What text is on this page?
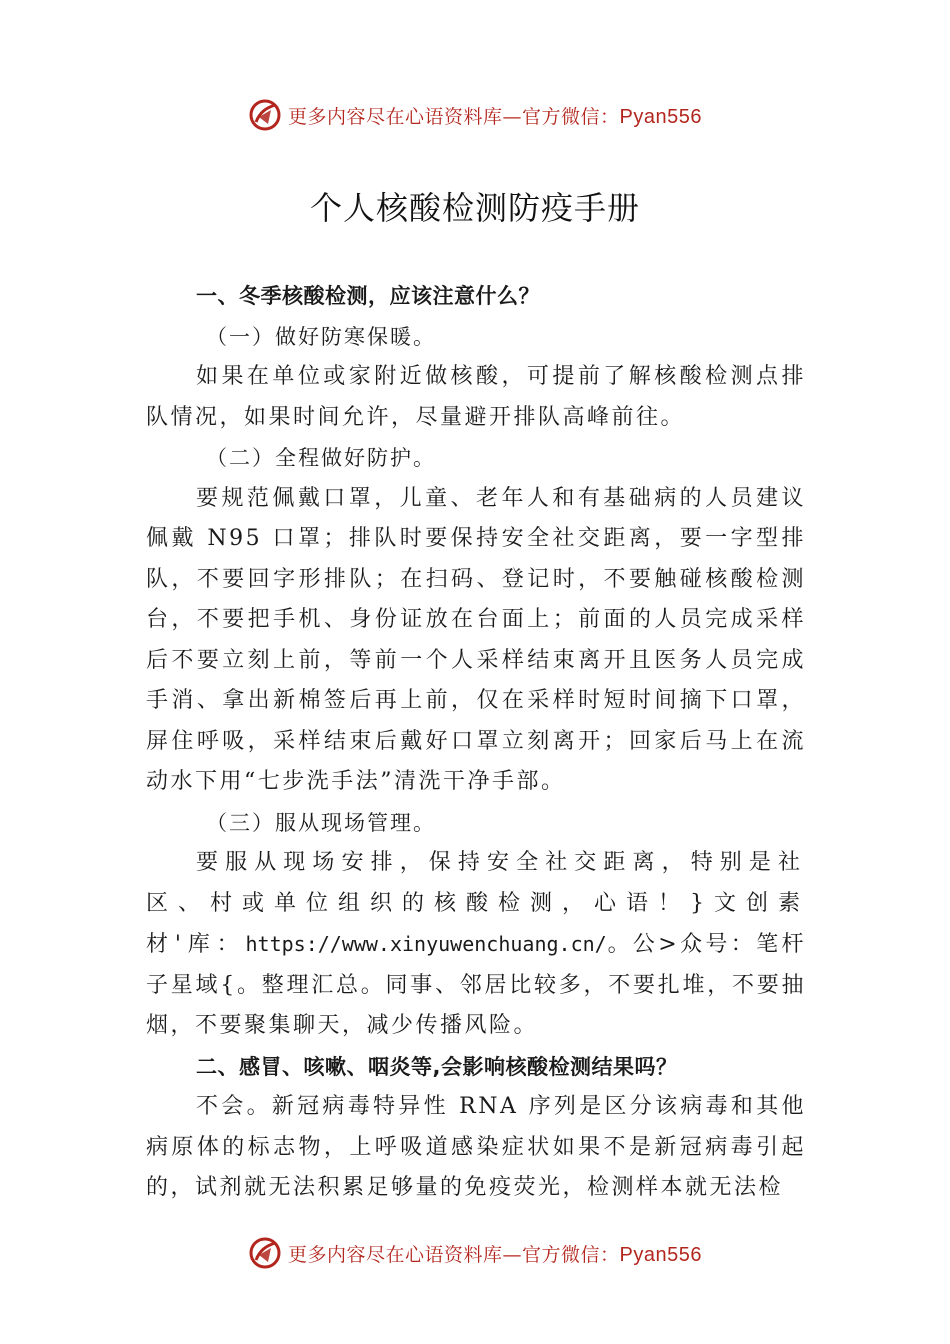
更多内容尽在心语资料库—官方微信：Pyan556
个人核酸检测防疫手册

一、冬季核酸检测，应该注意什么？

（一）做好防寒保暖。

如果在单位或家附近做核酸，可提前了解核酸检测点排队情况，如果时间允许，尽量避开排队高峰前往。

（二）全程做好防护。

要规范佩戴口罩，儿童、老年人和有基础病的人员建议佩戴 N95 口罩；排队时要保持安全社交距离，要一字型排队，不要回字形排队；在扫码、登记时，不要触碰核酸检测台，不要把手机、身份证放在台面上；前面的人员完成采样后不要立刻上前，等前一个人采样结束离开且医务人员完成手消、拿出新棉签后再上前，仅在采样时短时间摘下口罩，屏住呼吸，采样结束后戴好口罩立刻离开；回家后马上在流动水下用“七步洗手法”清洗干净手部。

（三）服从现场管理。

要服从现场安排，保持安全社交距离，特别是社区、村或单位组织的核酸检测，心语！}文创素材'库：https://www.xinyuwenchuang.cn/。公>众号：笔杆子星域{。整理汇总。同事、邻居比较多，不要扎堆，不要抽烟，不要聚集聊天，减少传播风险。

二、感冒、咳嗽、咽炎等,会影响核酸检测结果吗？

不会。新冠病毒特异性 RNA 序列是区分该病毒和其他病原体的标志物，上呼吸道感染症状如果不是新冠病毒引起的，试剂就无法积累足够量的免疫荧光，检测样本就无法检

更多内容尽在心语资料库—官方微信：Pyan556
